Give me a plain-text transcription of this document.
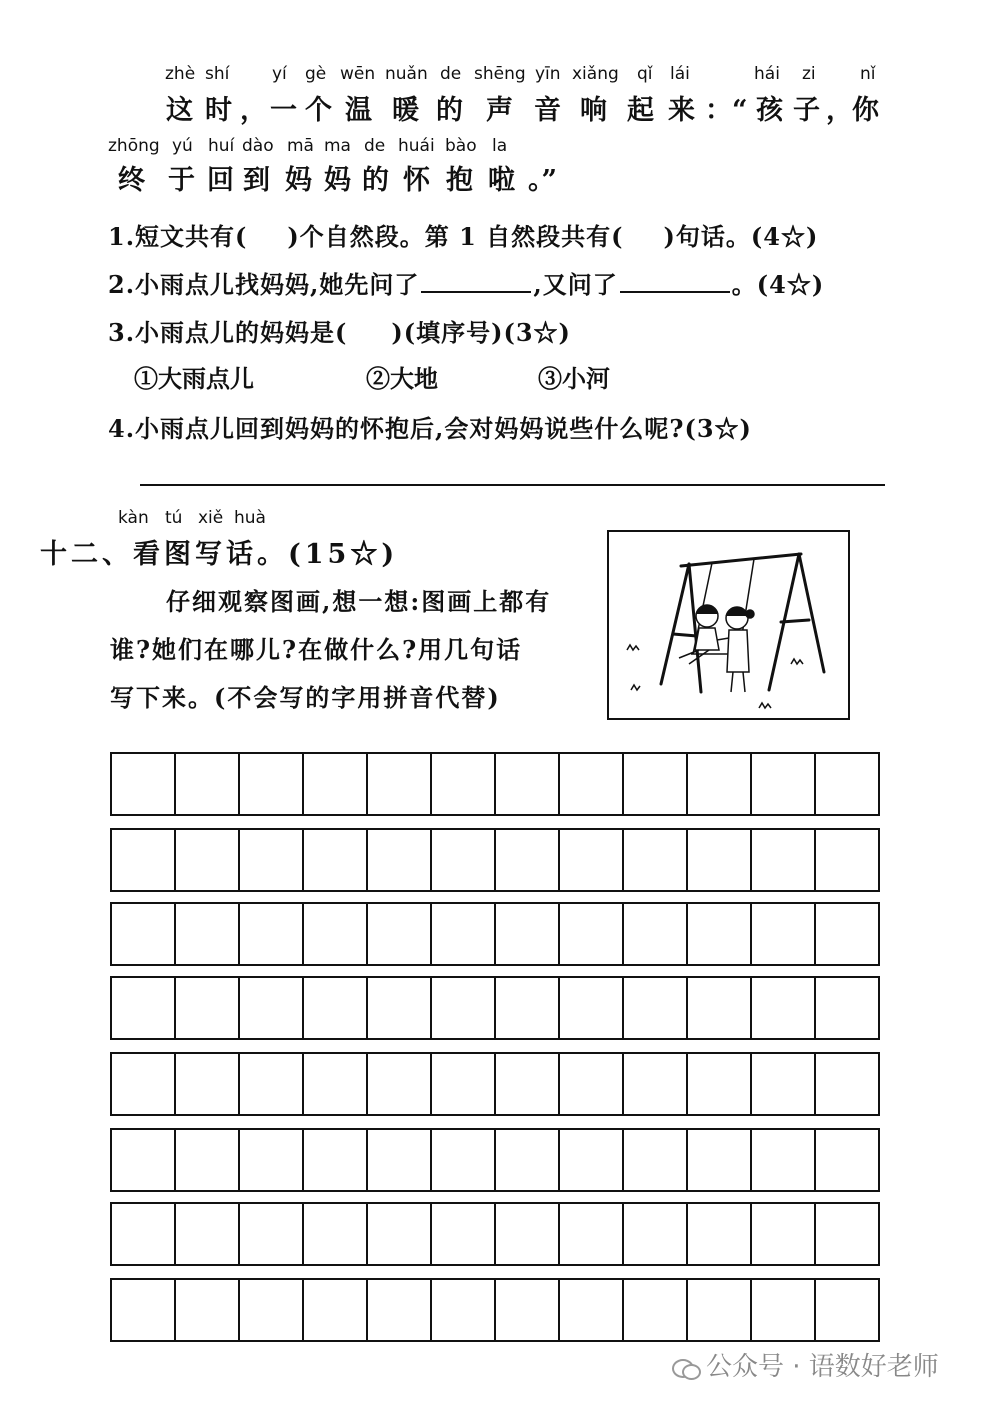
zhè shí	yí gè wēn nuǎn de shēng yīn xiǎng qǐ lái	hái zi	nǐ
这 时 ， 一 个 温 暖 的 声 音 响 起 来 ：“ 孩 子 ， 你
zhōng yú huí dào mā ma de huái bào la
终 于 回 到 妈 妈 的 怀 抱 啦 。”
1.短文共有( )个自然段。第 1 自然段共有( )句话。(4☆)
2.小雨点儿找妈妈,她先问了	,又问了	。(4☆)
3.小雨点儿的妈妈是( )(填序号)(3☆)
①大雨点儿	②大地	③小河
4.小雨点儿回到妈妈的怀抱后,会对妈妈说些什么呢?(3☆)
kàn tú xiě huà
十二、看图写话。(15☆)
仔细观察图画,想一想:图画上都有
谁?她们在哪儿?在做什么?用几句话
写下来。(不会写的字用拼音代替)
公众号 · 语数好老师
